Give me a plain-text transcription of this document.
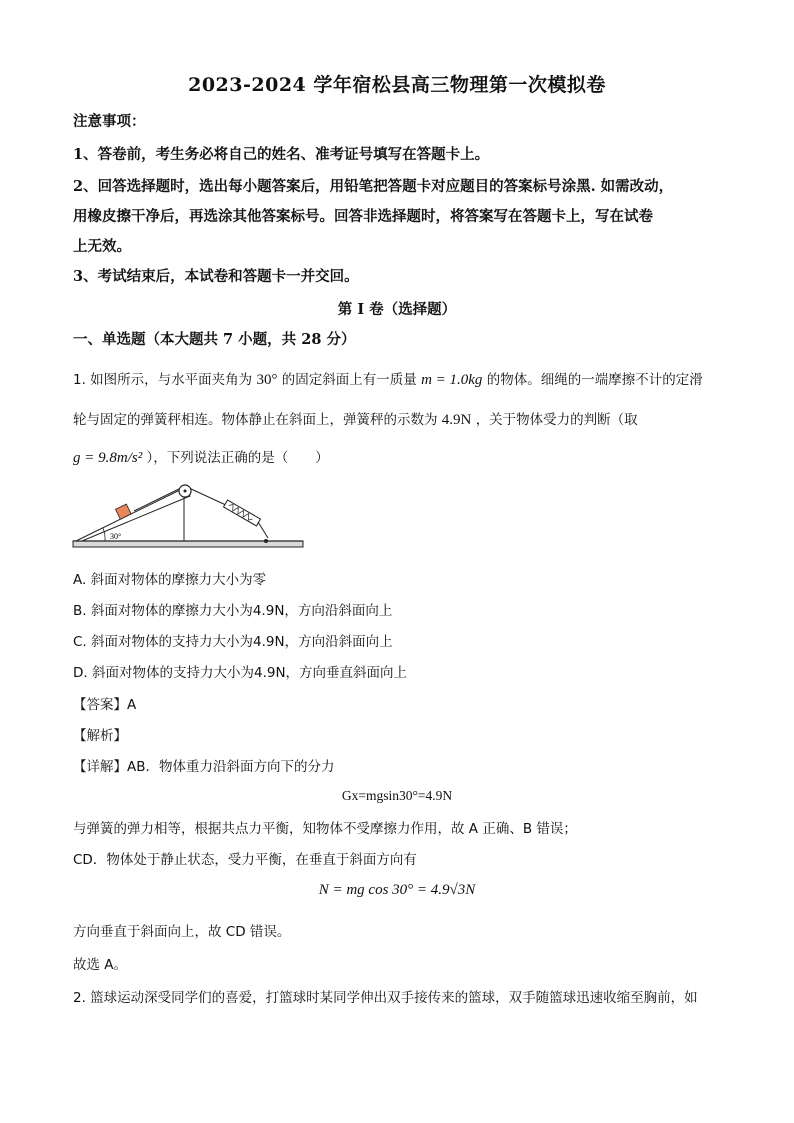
2023-2024 学年宿松县高三物理第一次模拟卷
注意事项：
1、答卷前，考生务必将自己的姓名、准考证号填写在答题卡上。
2、回答选择题时，选出每小题答案后，用铅笔把答题卡对应题目的答案标号涂黑. 如需改动，
用橡皮擦干净后，再选涂其他答案标号。回答非选择题时，将答案写在答题卡上，写在试卷
上无效。
3、考试结束后，本试卷和答题卡一并交回。
第 I 卷（选择题）
一、单选题（本大题共 7 小题，共 28 分）
1. 如图所示，与水平面夹角为 30° 的固定斜面上有一质量 m = 1.0kg 的物体。细绳的一端摩擦不计的定滑
轮与固定的弹簧秤相连。物体静止在斜面上，弹簧秤的示数为 4.9N ，关于物体受力的判断（取
g = 9.8m/s² ），下列说法正确的是（　　）
30°
A. 斜面对物体的摩擦力大小为零
B. 斜面对物体的摩擦力大小为4.9N，方向沿斜面向上
C. 斜面对物体的支持力大小为4.9N，方向沿斜面向上
D. 斜面对物体的支持力大小为4.9N，方向垂直斜面向上
【答案】A
【解析】
【详解】AB．物体重力沿斜面方向下的分力
Gx=mgsin30°=4.9N
与弹簧的弹力相等，根据共点力平衡，知物体不受摩擦力作用，故 A 正确、B 错误；
CD．物体处于静止状态，受力平衡，在垂直于斜面方向有
N = mg cos 30° = 4.9√3N
方向垂直于斜面向上，故 CD 错误。
故选 A。
2. 篮球运动深受同学们的喜爱，打篮球时某同学伸出双手接传来的篮球，双手随篮球迅速收缩至胸前，如
